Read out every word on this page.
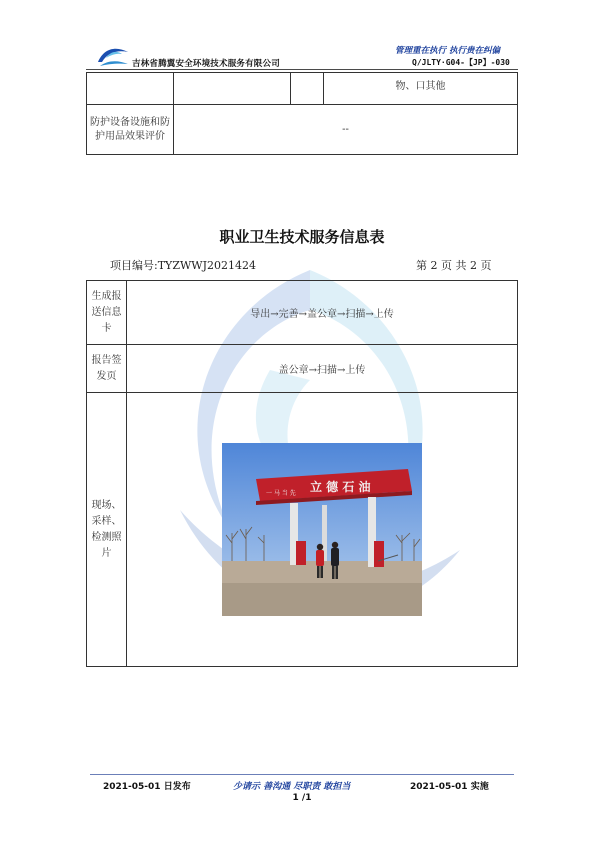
吉林省腾翼安全环境技术服务有限公司
管理重在执行 执行贵在纠偏
Q/JLTY·G04-【JP】-030
			物、口其他
防护设备设施和防护用品效果评价	--		
职业卫生技术服务信息表
项目编号:TYZWWJ2021424	第 2 页 共 2 页
生成报送信息卡	导出→完善→盖公章→扫描→上传
报告签发页	盖公章→扫描→上传
现场、采样、检测照片	立 德 石 油
一 马 当 先
2021-05-01 日发布	少请示 善沟通 尽职责 敢担当	2021-05-01 实施
1 /1
